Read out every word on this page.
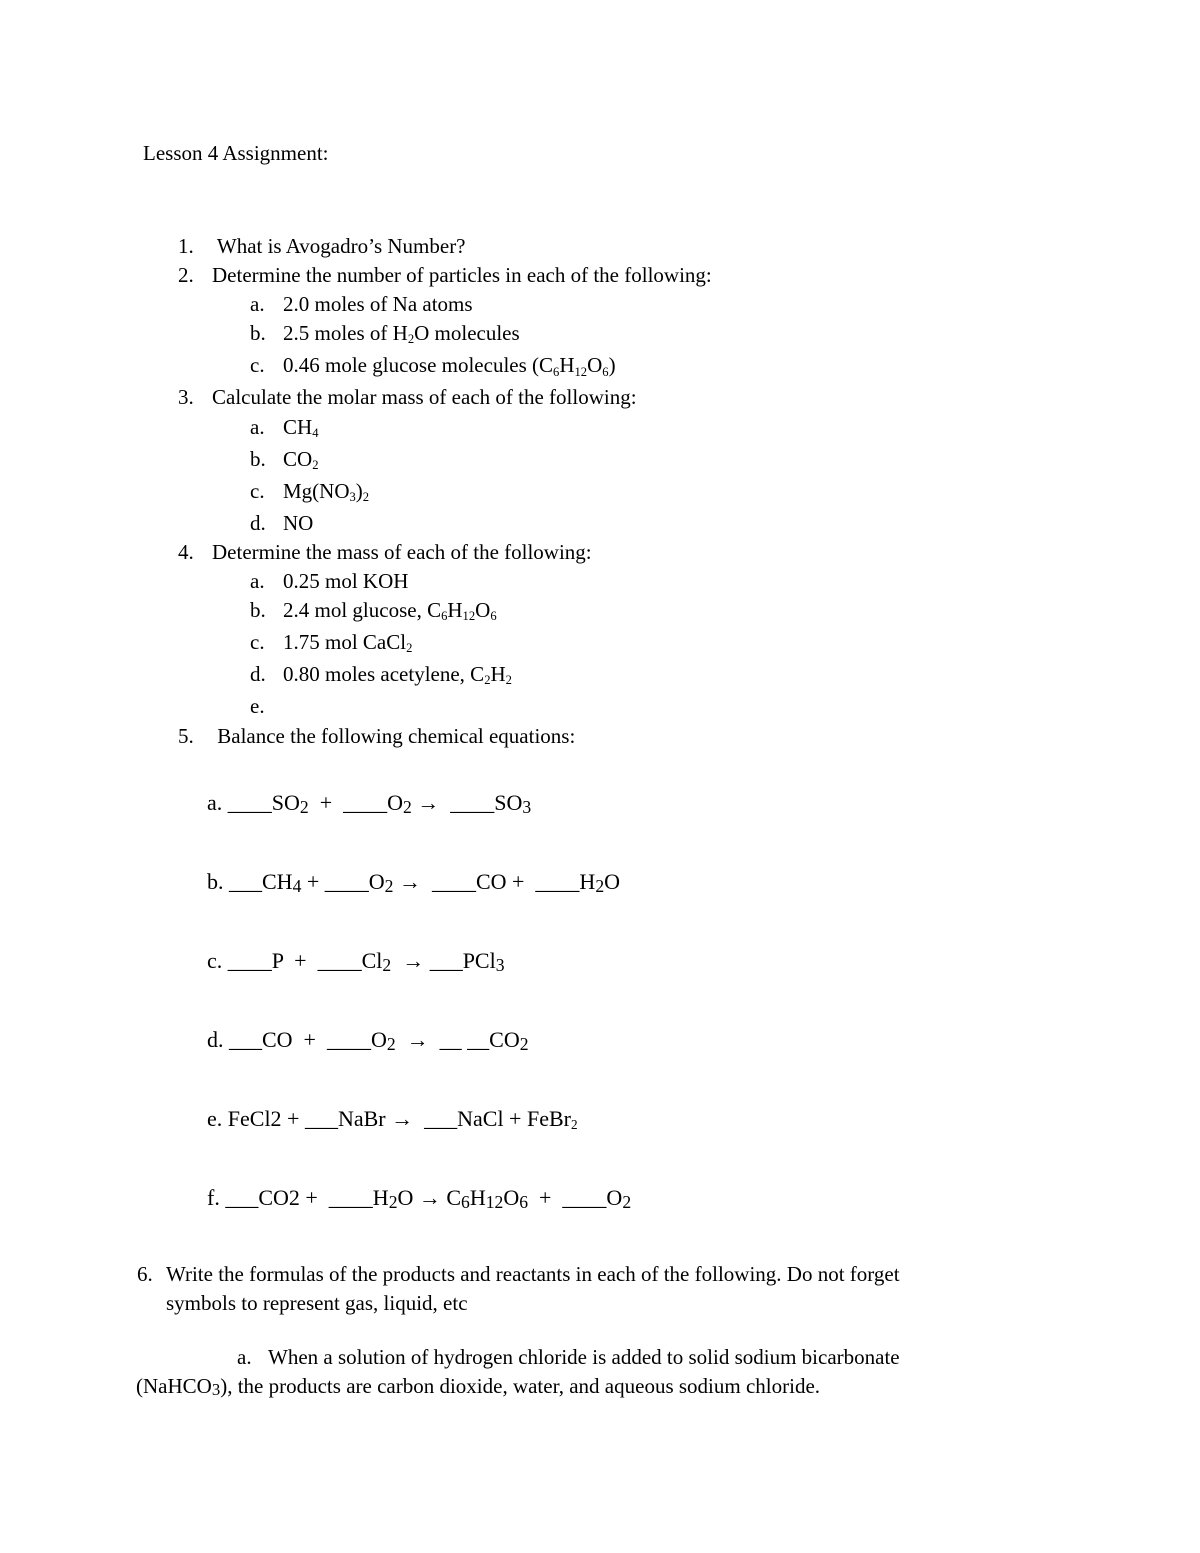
Lesson 4 Assignment:
1. What is Avogadro’s Number?
2. Determine the number of particles in each of the following:
a. 2.0 moles of Na atoms
b. 2.5 moles of H2O molecules
c. 0.46 mole glucose molecules (C6H12O6)
3. Calculate the molar mass of each of the following:
a. CH4
b. CO2
c. Mg(NO3)2
d. NO
4. Determine the mass of each of the following:
a. 0.25 mol KOH
b. 2.4 mol glucose, C6H12O6
c. 1.75 mol CaCl2
d. 0.80 moles acetylene, C2H2
e.
5. Balance the following chemical equations:
a. ____SO2  +  ____O2 →  ____SO3
b. ___CH4 + ____O2 →  ____CO +  ____H2O
c. ____P  +  ____Cl2  → ___PCl3
d. ___CO  +  ____O2  →  __ __CO2
e. FeCl2 + ___NaBr →  ___NaCl + FeBr2
f. ___CO2 +  ____H2O → C6H12O6  +  ____O2
6. Write the formulas of the products and reactants in each of the following. Do not forget
symbols to represent gas, liquid, etc
a. When a solution of hydrogen chloride is added to solid sodium bicarbonate
(NaHCO3), the products are carbon dioxide, water, and aqueous sodium chloride.
